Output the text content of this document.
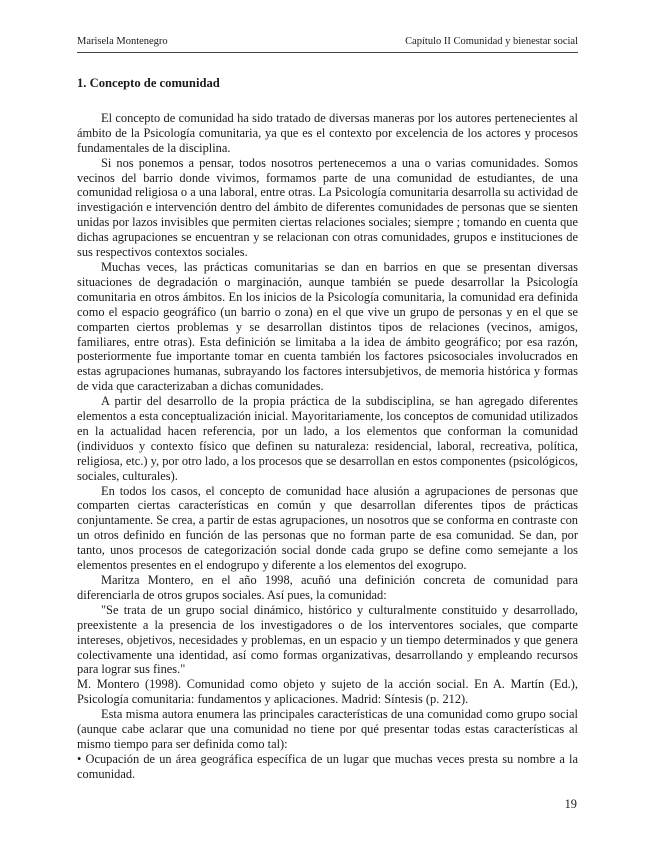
Marisela Montenegro	Capítulo II Comunidad y bienestar social
1. Concepto de comunidad

El concepto de comunidad ha sido tratado de diversas maneras por los autores pertenecientes al ámbito de la Psicología comunitaria, ya que es el contexto por excelencia de los actores y procesos fundamentales de la disciplina.

Si nos ponemos a pensar, todos nosotros pertenecemos a una o varias comunidades. Somos vecinos del barrio donde vivimos, formamos parte de una comunidad de estudiantes, de una comunidad religiosa o a una laboral, entre otras. La Psicología comunitaria desarrolla su actividad de investigación e intervención dentro del ámbito de diferentes comunidades de personas que se sienten unidas por lazos invisibles que permiten ciertas relaciones sociales; siempre ; tomando en cuenta que dichas agrupaciones se encuentran y se relacionan con otras comunidades, grupos e instituciones de sus respectivos contextos sociales.

Muchas veces, las prácticas comunitarias se dan en barrios en que se presentan diversas situaciones de degradación o marginación, aunque también se puede desarrollar la Psicología comunitaria en otros ámbitos. En los inicios de la Psicología comunitaria, la comunidad era definida como el espacio geográfico (un barrio o zona) en el que vive un grupo de personas y en el que se comparten ciertos problemas y se desarrollan distintos tipos de relaciones (vecinos, amigos, familiares, entre otras). Esta definición se limitaba a la idea de ámbito geográfico; por esa razón, posteriormente fue importante tomar en cuenta también los factores psicosociales involucrados en estas agrupaciones humanas, subrayando los factores intersubjetivos, de memoria histórica y formas de vida que caracterizaban a dichas comunidades.

A partir del desarrollo de la propia práctica de la subdisciplina, se han agregado diferentes elementos a esta conceptualización inicial. Mayoritariamente, los conceptos de comunidad utilizados en la actualidad hacen referencia, por un lado, a los elementos que conforman la comunidad (individuos y contexto físico que definen su naturaleza: residencial, laboral, recreativa, política, religiosa, etc.) y, por otro lado, a los procesos que se desarrollan en estos componentes (psicológicos, sociales, culturales).

En todos los casos, el concepto de comunidad hace alusión a agrupaciones de personas que comparten ciertas características en común y que desarrollan diferentes tipos de prácticas conjuntamente. Se crea, a partir de estas agrupaciones, un nosotros que se conforma en contraste con un otros definido en función de las personas que no forman parte de esa comunidad. Se dan, por tanto, unos procesos de categorización social donde cada grupo se define como semejante a los elementos presentes en el endogrupo y diferente a los elementos del exogrupo.

Maritza Montero, en el año 1998, acuñó una definición concreta de comunidad para diferenciarla de otros grupos sociales. Así pues, la comunidad:

"Se trata de un grupo social dinámico, histórico y culturalmente constituido y desarrollado, preexistente a la presencia de los investigadores o de los interventores sociales, que comparte intereses, objetivos, necesidades y problemas, en un espacio y un tiempo determinados y que genera colectivamente una identidad, así como formas organizativas, desarrollando y empleando recursos para lograr sus fines."

M. Montero (1998). Comunidad como objeto y sujeto de la acción social. En A. Martín (Ed.), Psicología comunitaria: fundamentos y aplicaciones. Madrid: Síntesis (p. 212).

Esta misma autora enumera las principales características de una comunidad como grupo social (aunque cabe aclarar que una comunidad no tiene por qué presentar todas estas características al mismo tiempo para ser definida como tal):

• Ocupación de un área geográfica específica de un lugar que muchas veces presta su nombre a la comunidad.

19
